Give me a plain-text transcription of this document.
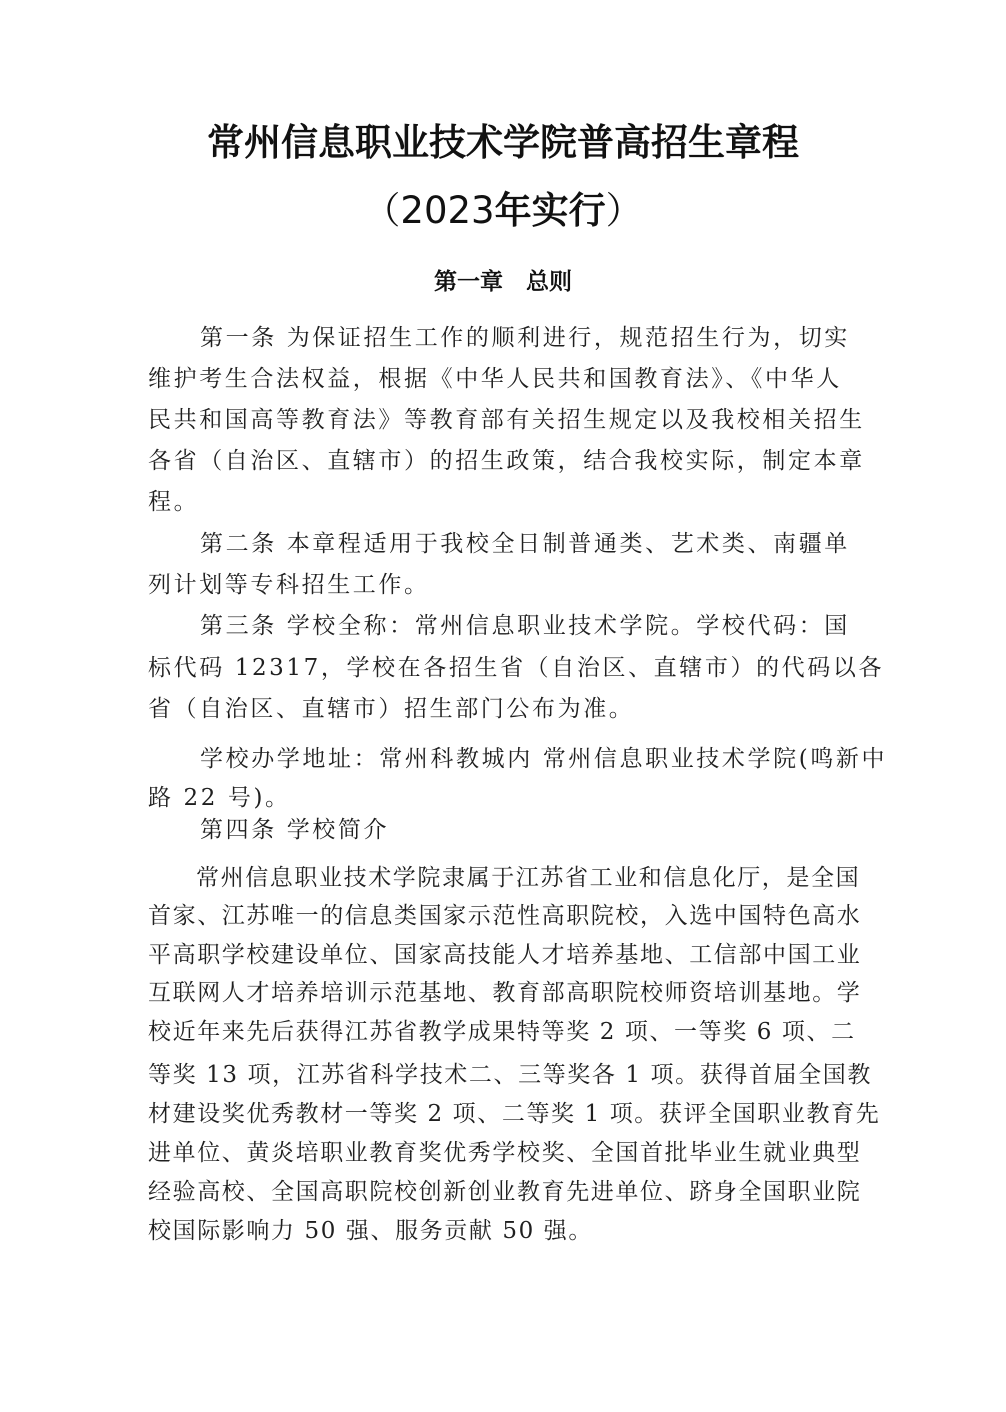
常州信息职业技术学院普高招生章程
（2023年实行）
第一章　总则
第一条 为保证招生工作的顺利进行，规范招生行为，切实
维护考生合法权益，根据《中华人民共和国教育法》、《中华人
民共和国高等教育法》等教育部有关招生规定以及我校相关招生
各省（自治区、直辖市）的招生政策，结合我校实际，制定本章
程。
第二条 本章程适用于我校全日制普通类、艺术类、南疆单
列计划等专科招生工作。
第三条 学校全称：常州信息职业技术学院。学校代码：国
标代码 12317，学校在各招生省（自治区、直辖市）的代码以各
省（自治区、直辖市）招生部门公布为准。
学校办学地址：常州科教城内 常州信息职业技术学院(鸣新中
路 22 号)。
第四条 学校简介
常州信息职业技术学院隶属于江苏省工业和信息化厅，是全国
首家、江苏唯一的信息类国家示范性高职院校，入选中国特色高水
平高职学校建设单位、国家高技能人才培养基地、工信部中国工业
互联网人才培养培训示范基地、教育部高职院校师资培训基地。学
校近年来先后获得江苏省教学成果特等奖 2 项、一等奖 6 项、二
等奖 13 项，江苏省科学技术二、三等奖各 1 项。获得首届全国教
材建设奖优秀教材一等奖 2 项、二等奖 1 项。获评全国职业教育先
进单位、黄炎培职业教育奖优秀学校奖、全国首批毕业生就业典型
经验高校、全国高职院校创新创业教育先进单位、跻身全国职业院
校国际影响力 50 强、服务贡献 50 强。
